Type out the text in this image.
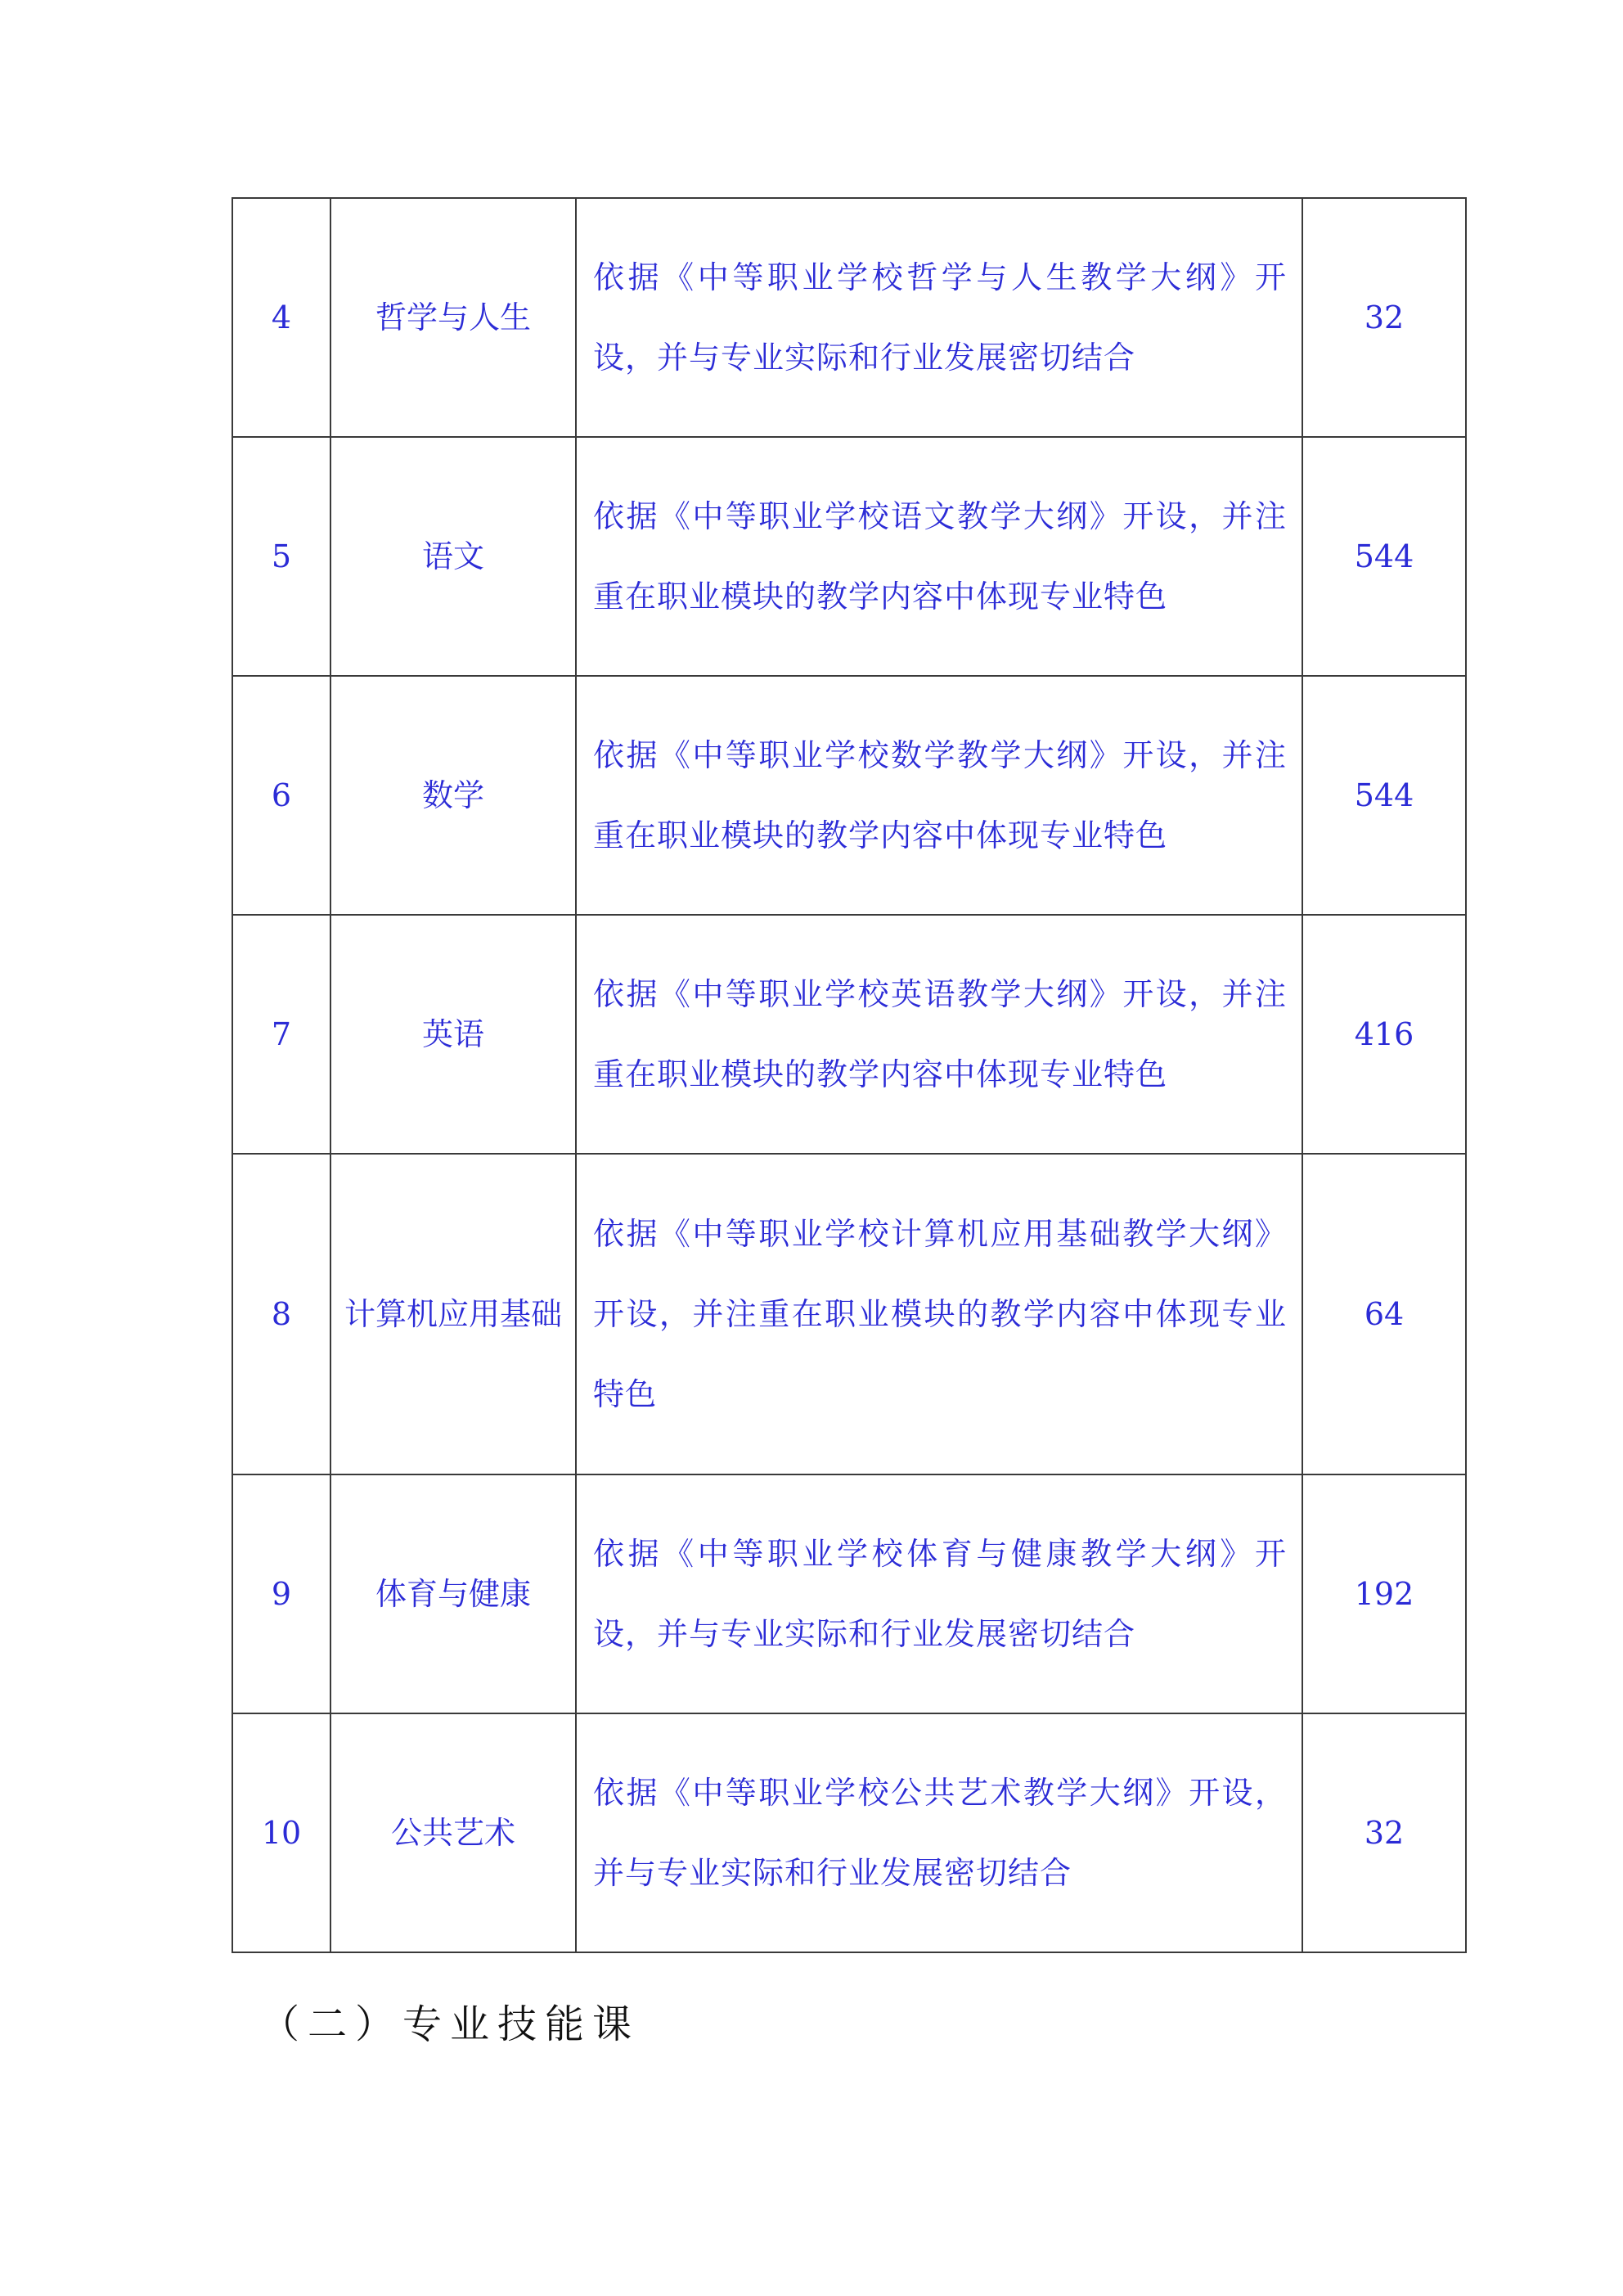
4	哲学与人生	依据《中等职业学校哲学与人生教学大纲》开设，并与专业实际和行业发展密切结合	32
5	语文	依据《中等职业学校语文教学大纲》开设，并注重在职业模块的教学内容中体现专业特色	544
6	数学	依据《中等职业学校数学教学大纲》开设，并注重在职业模块的教学内容中体现专业特色	544
7	英语	依据《中等职业学校英语教学大纲》开设，并注重在职业模块的教学内容中体现专业特色	416
8	计算机应用基础	依据《中等职业学校计算机应用基础教学大纲》开设，并注重在职业模块的教学内容中体现专业特色	64
9	体育与健康	依据《中等职业学校体育与健康教学大纲》开设，并与专业实际和行业发展密切结合	192
10	公共艺术	依据《中等职业学校公共艺术教学大纲》开设，并与专业实际和行业发展密切结合	32
（二）专业技能课
